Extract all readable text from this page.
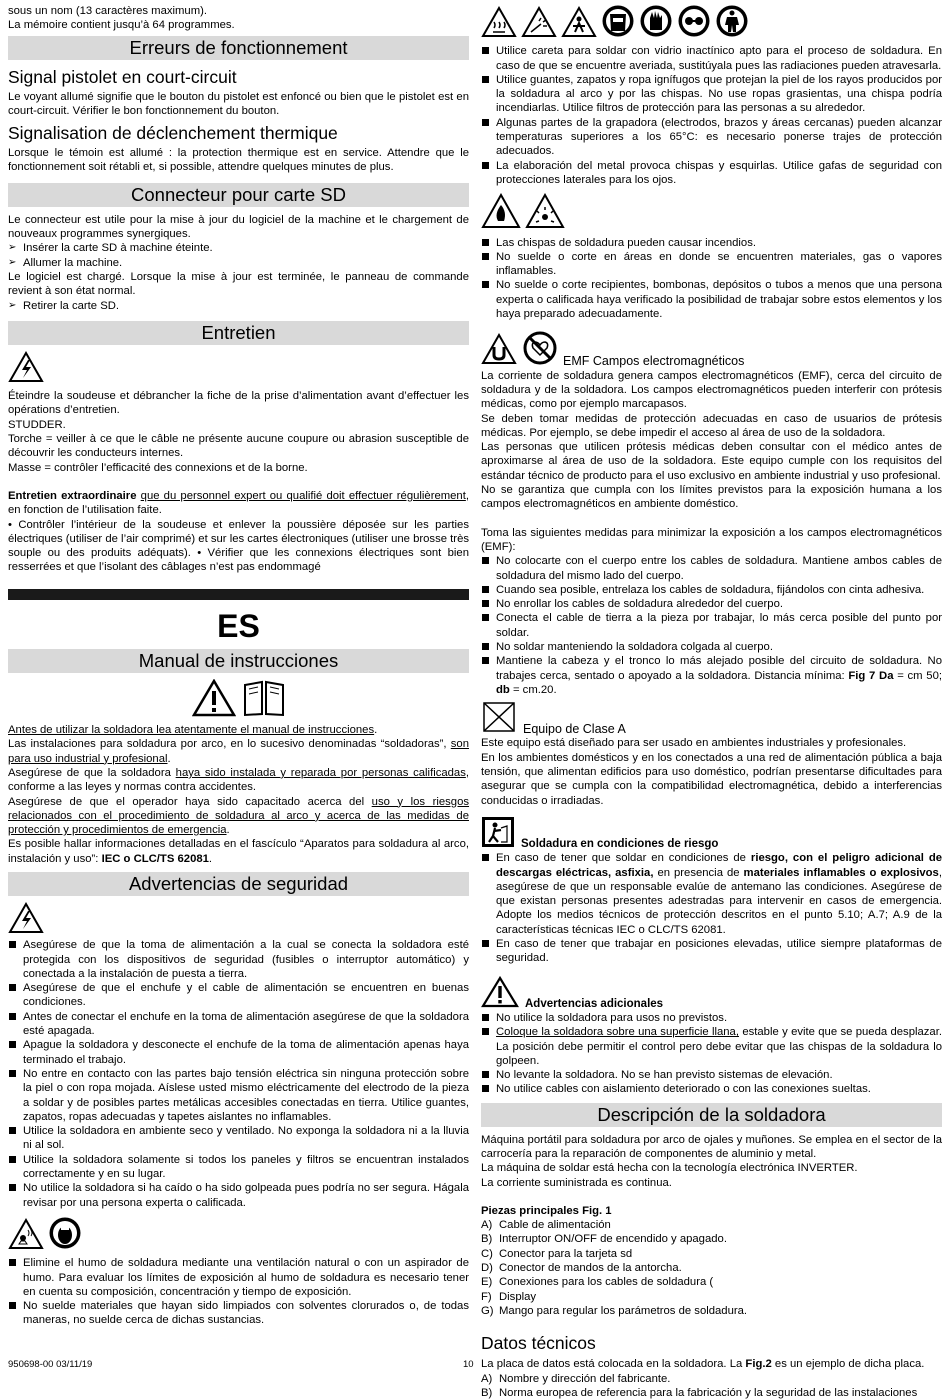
sous un nom (13 caractères maximum).

La mémoire contient jusqu’à 64 programmes.

Erreurs de fonctionnement
Signal pistolet en court-circuit

Le voyant allumé signifie que le bouton du pistolet est enfoncé ou bien que le pistolet est en court-circuit. Vérifier le bon fonctionnement du bouton.

Signalisation de déclenchement thermique

Lorsque le témoin est allumé : la protection thermique est en service. Attendre que le fonctionnement soit rétabli et, si possible, attendre quelques minutes de plus.

Connecteur pour carte SD

Le connecteur est utile pour la mise à jour du logiciel de la machine et le chargement de nouveaux programmes synergiques.

➢ Insérer la carte SD à machine éteinte.
➢ Allumer la machine.

Le logiciel est chargé. Lorsque la mise à jour est terminée, le panneau de commande revient à son état normal.

➢ Retirer la carte SD.
Entretien

Éteindre la soudeuse et débrancher la fiche de la prise d’alimentation avant d’effectuer les opérations d’entretien.

STUDDER.

Torche = veiller à ce que le câble ne présente aucune coupure ou abrasion susceptible de découvrir les conducteurs internes.

Masse = contrôler l’efficacité des connexions et de la borne.

Entretien extraordinaire que du personnel expert ou qualifié doit effectuer régulièrement, en fonction de l’utilisation faite.

• Contrôler l’intérieur de la soudeuse et enlever la poussière déposée sur les parties électriques (utiliser de l’air comprimé) et sur les cartes électroniques (utiliser une brosse très souple ou des produits adéquats). • Vérifier que les connexions électriques sont bien resserrées et que l’isolant des câblages n’est pas endommagé

ES
Manual de instrucciones

Antes de utilizar la soldadora lea atentamente el manual de instrucciones.

Las instalaciones para soldadura por arco, en lo sucesivo denominadas “soldadoras”, son para uso industrial y profesional.

Asegúrese de que la soldadora haya sido instalada y reparada por personas calificadas, conforme a las leyes y normas contra accidentes.

Asegúrese de que el operador haya sido capacitado acerca del uso y los riesgos relacionados con el procedimiento de soldadura al arco y acerca de las medidas de protección y procedimientos de emergencia.

Es posible hallar informaciones detalladas en el fascículo “Aparatos para soldadura al arco, instalación y uso”: IEC o CLC/TS 62081.

Advertencias de seguridad
Asegúrese de que la toma de alimentación a la cual se conecta la soldadora esté protegida con los dispositivos de seguridad (fusibles o interruptor automático) y conectada a la instalación de puesta a tierra.
Asegúrese de que el enchufe y el cable de alimentación se encuentren en buenas condiciones.
Antes de conectar el enchufe en la toma de alimentación asegúrese de que la soldadora esté apagada.
Apague la soldadora y desconecte el enchufe de la toma de alimentación apenas haya terminado el trabajo.
No entre en contacto con las partes bajo tensión eléctrica sin ninguna protección sobre la piel o con ropa mojada. Aíslese usted mismo eléctricamente del electrodo de la pieza a soldar y de posibles partes metálicas accesibles conectadas en tierra. Utilice guantes, zapatos, ropas adecuadas y tapetes aislantes no inflamables.
Utilice la soldadora en ambiente seco y ventilado. No exponga la soldadora ni a la lluvia ni al sol.
Utilice la soldadora solamente si todos los paneles y filtros se encuentran instalados correctamente y en su lugar.
No utilice la soldadora si ha caído o ha sido golpeada pues podría no ser segura. Hágala revisar por una persona experta o calificada.
Elimine el humo de soldadura mediante una ventilación natural o con un aspirador de humo. Para evaluar los límites de exposición al humo de soldadura es necesario tener en cuenta su composición, concentración y tiempo de exposición.
No suelde materiales que hayan sido limpiados con solventes clorurados o, de todas maneras, no suelde cerca de dichas sustancias.
Utilice careta para soldar con vidrio inactínico apto para el proceso de soldadura. En caso de que se encuentre averiada, sustitúyala pues las radiaciones pueden atravesarla.
Utilice guantes, zapatos y ropa ignífugos que protejan la piel de los rayos producidos por la soldadura al arco y por las chispas. No use ropas grasientas, una chispa podría incendiarlas. Utilice filtros de protección para las personas a su alrededor.
Algunas partes de la grapadora (electrodos, brazos y áreas cercanas) pueden alcanzar temperaturas superiores a los 65°C: es necesario ponerse trajes de protección adecuados.
La elaboración del metal provoca chispas y esquirlas. Utilice gafas de seguridad con protecciones laterales para los ojos.
Las chispas de soldadura pueden causar incendios.
No suelde o corte en áreas en donde se encuentren materiales, gas o vapores inflamables.
No suelde o corte recipientes, bombonas, depósitos o tubos a menos que una persona experta o calificada haya verificado la posibilidad de trabajar sobre estos elementos y los haya preparado adecuadamente.
EMF Campos electromagnéticos

La corriente de soldadura genera campos electromagnéticos (EMF), cerca del circuito de soldadura y de la soldadora. Los campos electromagnéticos pueden interferir con prótesis médicas, como por ejemplo marcapasos.

Se deben tomar medidas de protección adecuadas en caso de usuarios de prótesis médicas. Por ejemplo, se debe impedir el acceso al área de uso de la soldadora.

Las personas que utilicen prótesis médicas deben consultar con el médico antes de aproximarse al área de uso de la soldadora. Este equipo cumple con los requisitos del estándar técnico de producto para el uso exclusivo en ambiente industrial y uso profesional.

No se garantiza que cumpla con los límites previstos para la exposición humana a los campos electromagnéticos en ambiente doméstico.

Toma las siguientes medidas para minimizar la exposición a los campos electromagnéticos (EMF):

No colocarte con el cuerpo entre los cables de soldadura. Mantiene ambos cables de soldadura del mismo lado del cuerpo.
Cuando sea posible, entrelaza los cables de soldadura, fijándolos con cinta adhesiva.
No enrollar los cables de soldadura alrededor del cuerpo.
Conecta el cable de tierra a la pieza por trabajar, lo más cerca posible del punto por soldar.
No soldar manteniendo la soldadora colgada al cuerpo.
Mantiene la cabeza y el tronco lo más alejado posible del circuito de soldadura. No trabajes cerca, sentado o apoyado a la soldadora. Distancia mínima: Fig 7 Da = cm 50; db = cm.20.
Equipo de Clase A

Este equipo está diseñado para ser usado en ambientes industriales y profesionales.

En los ambientes domésticos y en los conectados a una red de alimentación pública a baja tensión, que alimentan edificios para uso doméstico, podrían presentarse dificultades para asegurar que se cumpla con la compatibilidad electromagnética, debido a interferencias conducidas o irradiadas.

Soldadura en condiciones de riesgo
En caso de tener que soldar en condiciones de riesgo, con el peligro adicional de descargas eléctricas, asfixia, en presencia de materiales inflamables o explosivos, asegúrese de que un responsable evalúe de antemano las condiciones. Asegúrese de que existan personas presentes adestradas para intervenir en casos de emergencia. Adopte los medios técnicos de protección descritos en el punto 5.10; A.7; A.9 de la características técnicas IEC o CLC/TS 62081.
En caso de tener que trabajar en posiciones elevadas, utilice siempre plataformas de seguridad.
Advertencias adicionales
No utilice la soldadora para usos no previstos.
Coloque la soldadora sobre una superficie llana, estable y evite que se pueda desplazar. La posición debe permitir el control pero debe evitar que las chispas de la soldadura lo golpeen.
No levante la soldadora. No se han previsto sistemas de elevación.
No utilice cables con aislamiento deteriorado o con las conexiones sueltas.
Descripción de la soldadora

Máquina portátil para soldadura por arco de ojales y muñones. Se emplea en el sector de la carrocería para la reparación de componentes de aluminio y metal.

La máquina de soldar está hecha con la tecnología electrónica INVERTER.

La corriente suministrada es continua.

Piezas principales Fig. 1
A) Cable de alimentación
B) Interruptor ON/OFF de encendido y apagado.
C) Conector para la tarjeta sd
D) Conector de mandos de la antorcha.
E) Conexiones para los cables de soldadura (
F) Display
G) Mango para regular los parámetros de soldadura.
Datos técnicos

La placa de datos está colocada en la soldadora. La Fig.2 es un ejemplo de dicha placa.

A) Nombre y dirección del fabricante.
B) Norma europea de referencia para la fabricación y la seguridad de las instalaciones
950698-00 03/11/19	10
